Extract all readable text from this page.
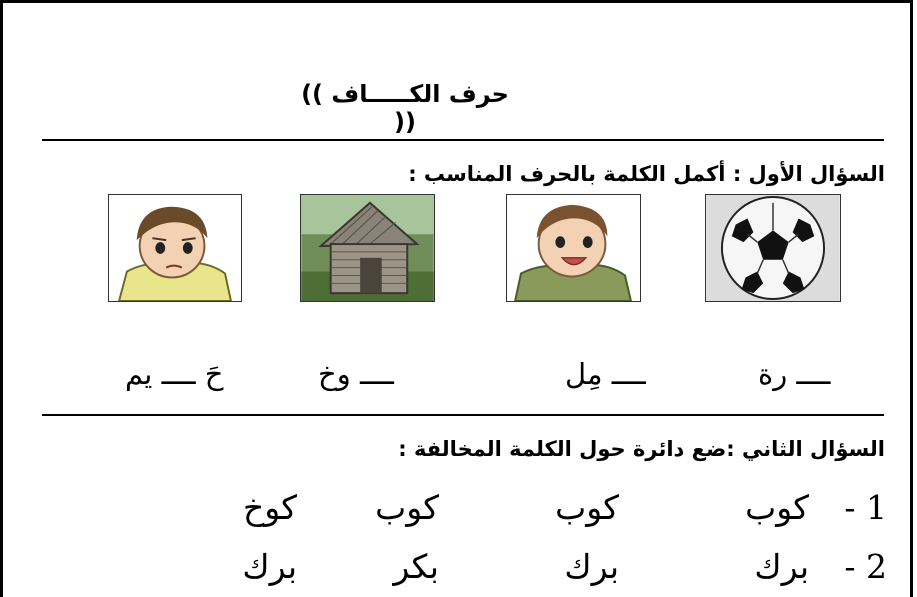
(( حرف الكـــــاف ))
السؤال الأول : أكمل الكلمة بالحرف المناسب :
ــــ رة
ــــ مِل
ــــ وخ
حَ ــــ يم
السؤال الثاني :ضع دائرة حول الكلمة المخالفة :
1 -
كوب
كوب
كوب
كوخ
2 -
برك
برك
بكر
برك
